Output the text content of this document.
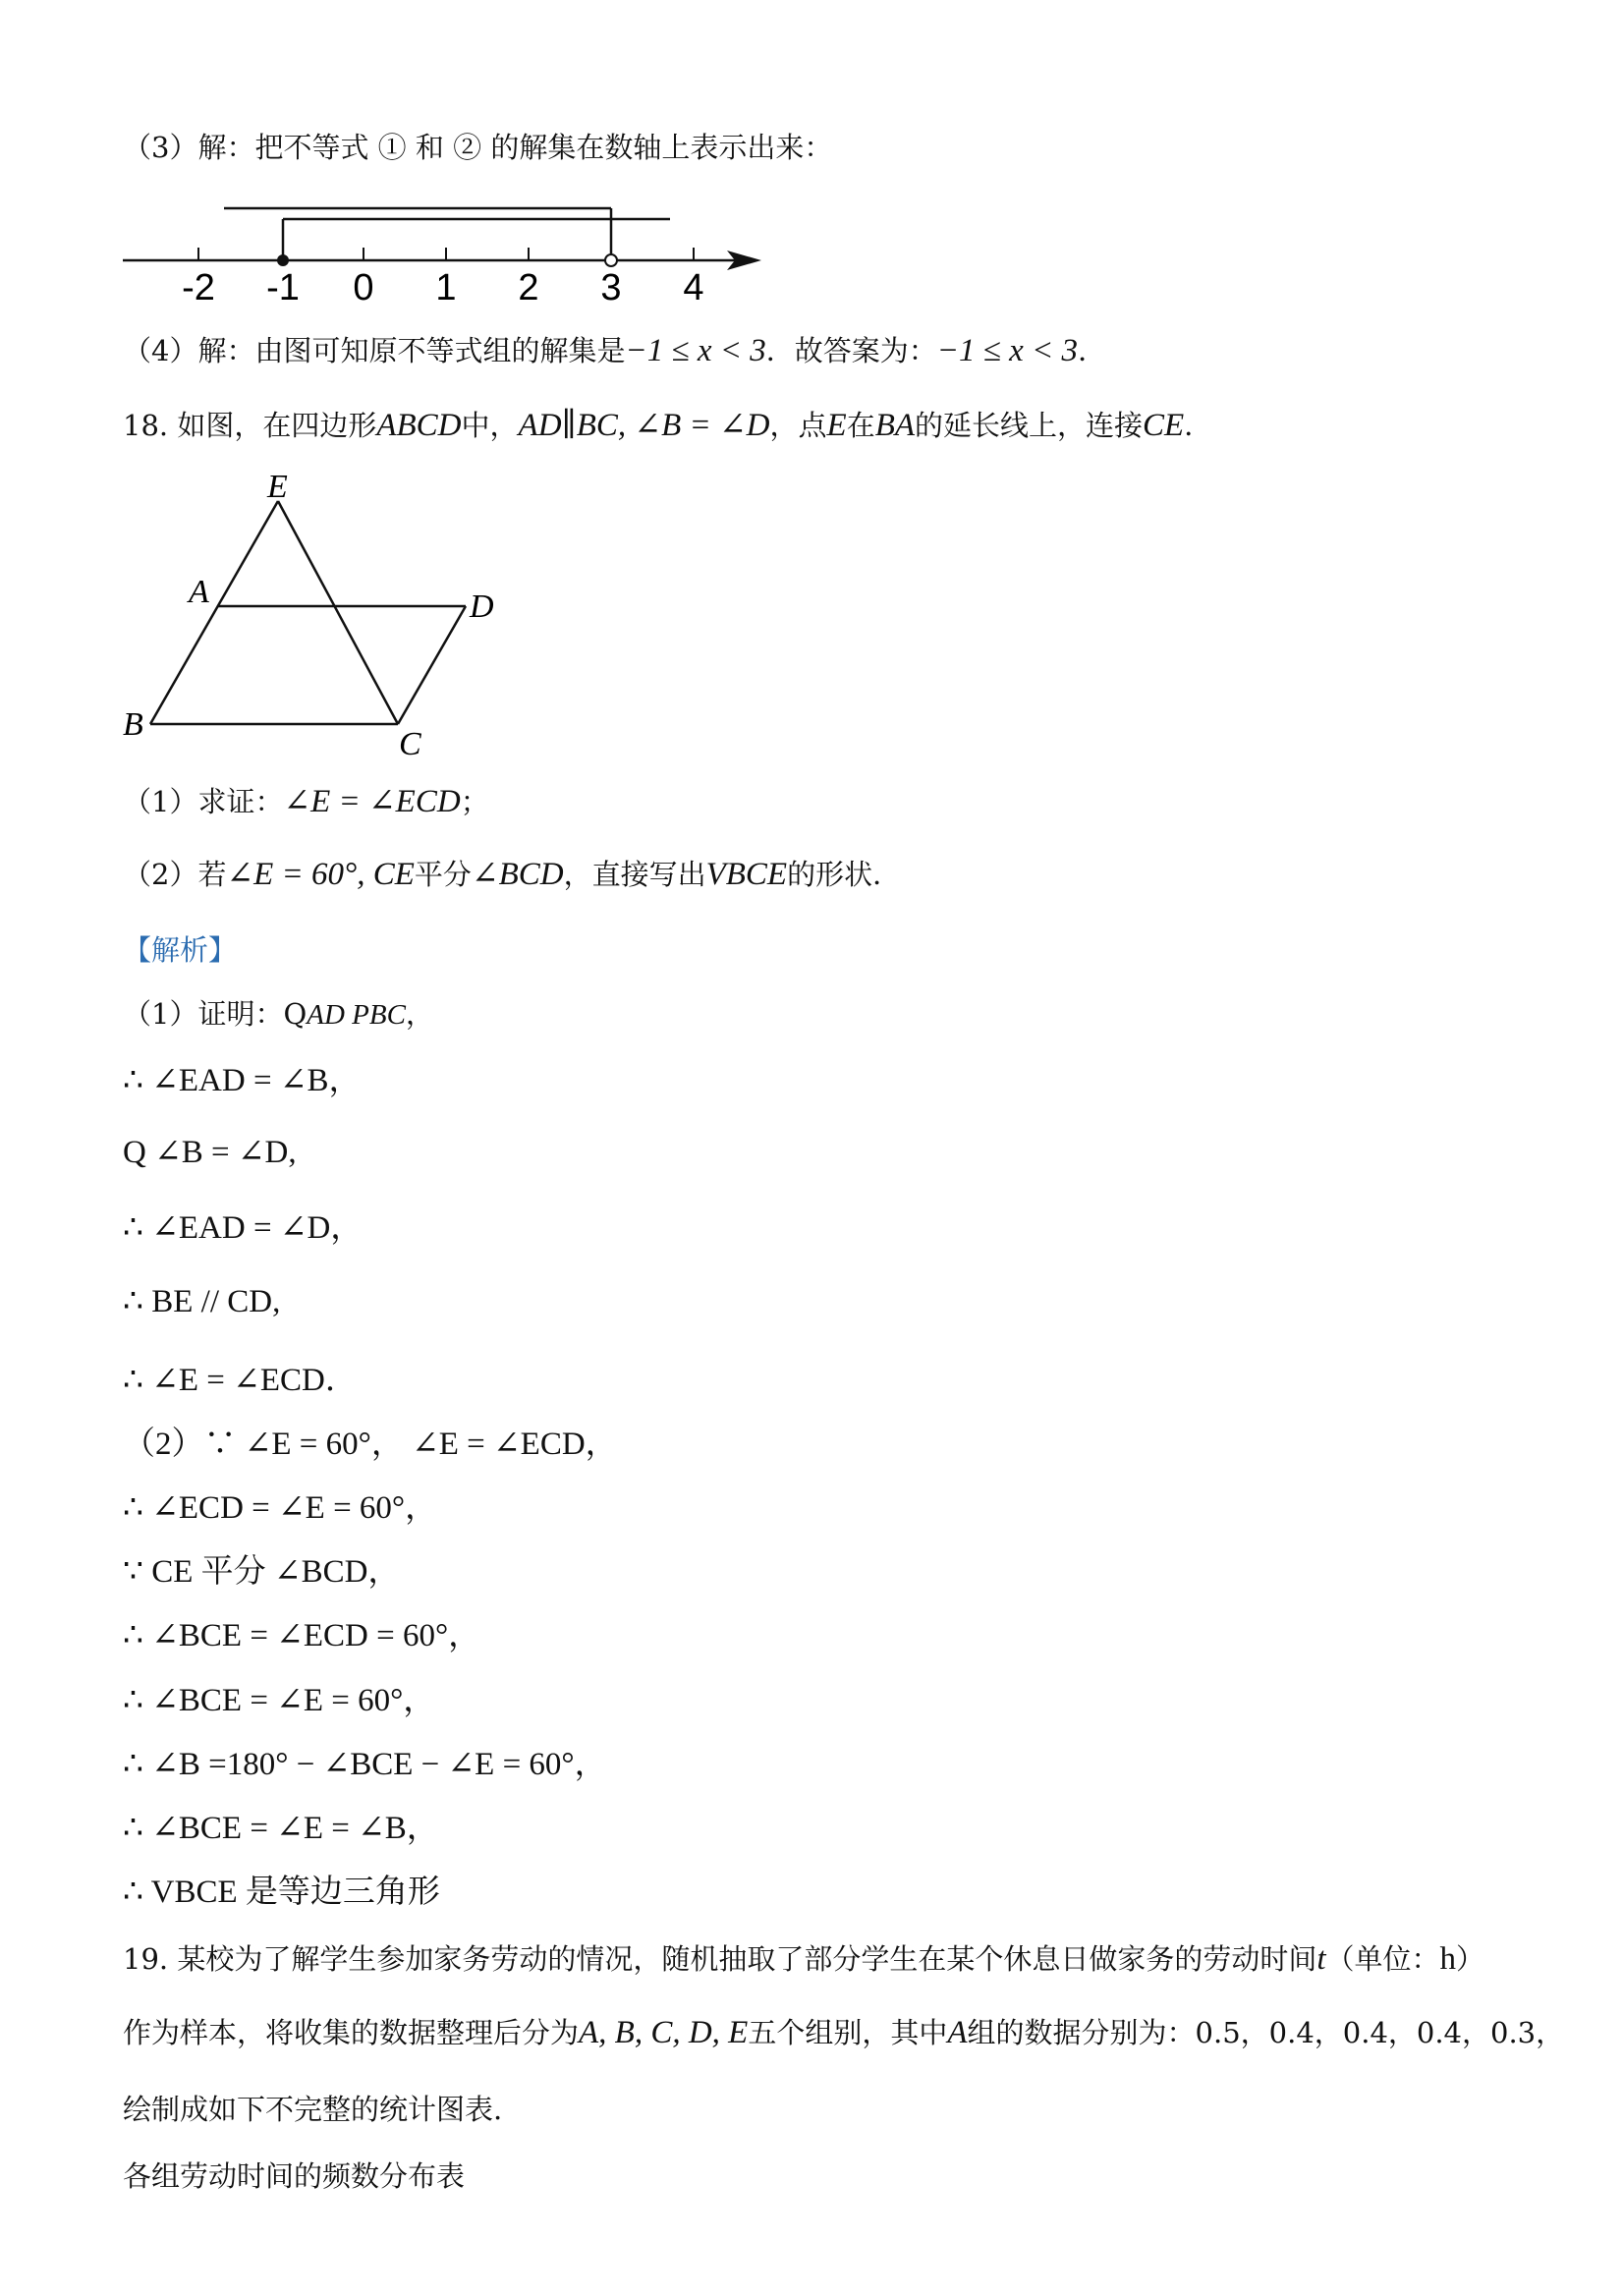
（3）解：把不等式 ① 和 ② 的解集在数轴上表示出来：
-2 -1 0 1 2 3 4
（4）解：由图可知原不等式组的解集是−1 ≤ x < 3．故答案为：−1 ≤ x < 3．
18. 如图，在四边形ABCD中，AD∥BC, ∠B = ∠D，点E在BA的延长线上，连接CE．
E
A	D
B
C
（1）求证：∠E = ∠ECD；
（2）若∠E = 60°, CE平分∠BCD，直接写出VBCE的形状．
【解析】
（1）证明：QAD PBC，
∴ ∠EAD = ∠B，
Q ∠B = ∠D,
∴ ∠EAD = ∠D，
∴ BE // CD,
∴ ∠E = ∠ECD．
（2）∵ ∠E = 60°， ∠E = ∠ECD，
∴ ∠ECD = ∠E = 60°，
∵ CE 平分 ∠BCD，
∴ ∠BCE = ∠ECD = 60°，
∴ ∠BCE = ∠E = 60°，
∴ ∠B =180° − ∠BCE − ∠E = 60°，
∴ ∠BCE = ∠E = ∠B，
∴ VBCE 是等边三角形
19. 某校为了解学生参加家务劳动的情况，随机抽取了部分学生在某个休息日做家务的劳动时间t（单位：h）
作为样本，将收集的数据整理后分为A, B, C, D, E五个组别，其中A组的数据分别为：0.5，0.4，0.4，0.4，0.3，
绘制成如下不完整的统计图表.
各组劳动时间的频数分布表
